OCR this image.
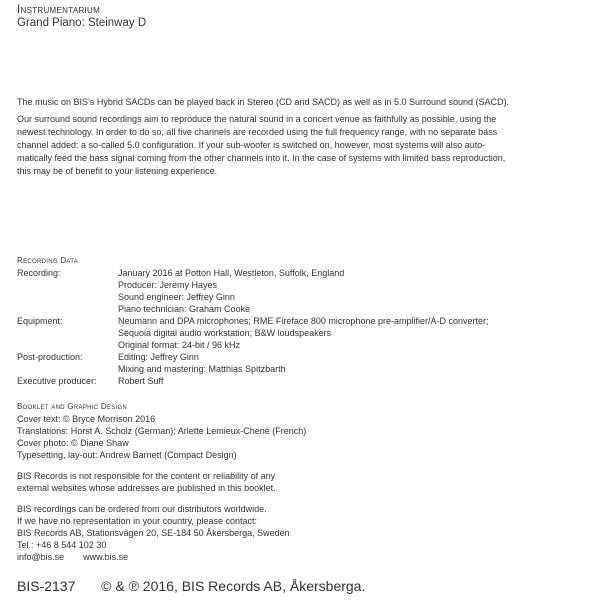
Instrumentarium
Grand Piano: Steinway D
The music on BIS’s Hybrid SACDs can be played back in Stereo (CD and SACD) as well as in 5.0 Surround sound (SACD).
Our surround sound recordings aim to reproduce the natural sound in a concert venue as faithfully as possible, using the
newest technology. In order to do so, all five channels are recorded using the full frequency range, with no separate bass
channel added: a so-called 5.0 configuration. If your sub-woofer is switched on, however, most systems will also auto-
matically feed the bass signal coming from the other channels into it. In the case of systems with limited bass reproduction,
this may be of benefit to your listening experience.
Recording Data
Recording:	January 2016 at Potton Hall, Westleton, Suffolk, England
Producer: Jeremy Hayes
Sound engineer: Jeffrey Ginn
Piano technician: Graham Cooke
Equipment:	Neumann and DPA microphones; RME Fireface 800 microphone pre-amplifier/A-D converter;
Sequoia digital audio workstation; B&W loudspeakers
Original format: 24-bit / 96 kHz
Post-production:	Editing: Jeffrey Ginn
Mixing and mastering: Matthias Spitzbarth
Executive producer:	Robert Suff
Booklet and Graphic Design
Cover text: © Bryce Morrison 2016
Translations: Horst A. Scholz (German); Arlette Lemieux-Chené (French)
Cover photo: © Diane Shaw
Typesetting, lay-out: Andrew Barnett (Compact Design)
BIS Records is not responsible for the content or reliability of any
external websites whose addresses are published in this booklet.
BIS recordings can be ordered from our distributors worldwide.
If we have no representation in your country, please contact:
BIS Records AB, Stationsvägen 20, SE-184 50 Åkersberga, Sweden
Tel.: +46 8 544 102 30
info@bis.se www.bis.se
BIS-2137 © & ℗ 2016, BIS Records AB, Åkersberga.
